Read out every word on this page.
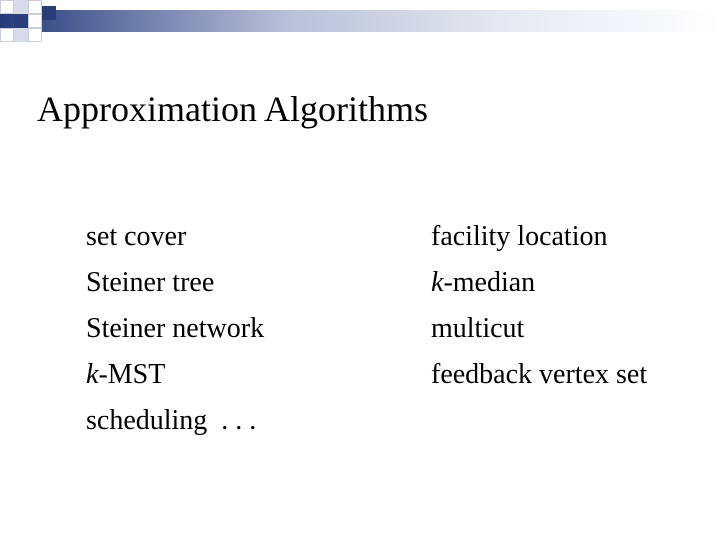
Approximation Algorithms
set cover
Steiner tree
Steiner network
k-MST
scheduling  . . .
facility location
k-median
multicut
feedback vertex set
